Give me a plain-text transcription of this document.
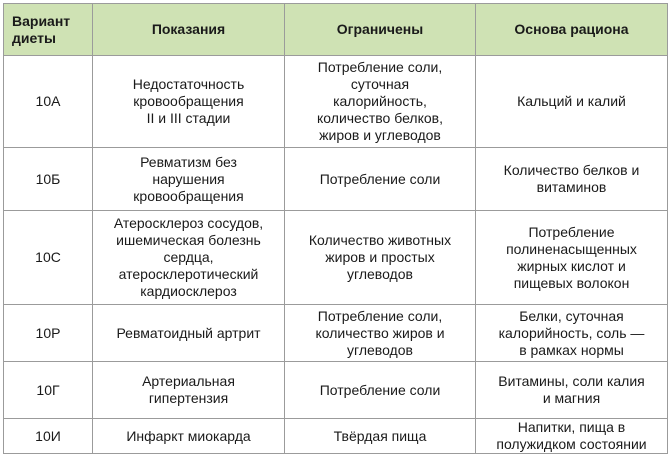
Вариант
диеты	Показания	Ограничены	Основа рациона
10А	Недостаточность
кровообращения
II и III стадии	Потребление соли,
суточная
калорийность,
количество белков,
жиров и углеводов	Кальций и калий
10Б	Ревматизм без
нарушения
кровообращения	Потребление соли	Количество белков и
витаминов
10С	Атеросклероз сосудов,
ишемическая болезнь
сердца,
атеросклеротический
кардиосклероз	Количество животных
жиров и простых
углеводов	Потребление
полиненасыщенных
жирных кислот и
пищевых волокон
10Р	Ревматоидный артрит	Потребление соли,
количество жиров и
углеводов	Белки, суточная
калорийность, соль —
в рамках нормы
10Г	Артериальная
гипертензия	Потребление соли	Витамины, соли калия
и магния
10И	Инфаркт миокарда	Твёрдая пища	Напитки, пища в
полужидком состоянии
